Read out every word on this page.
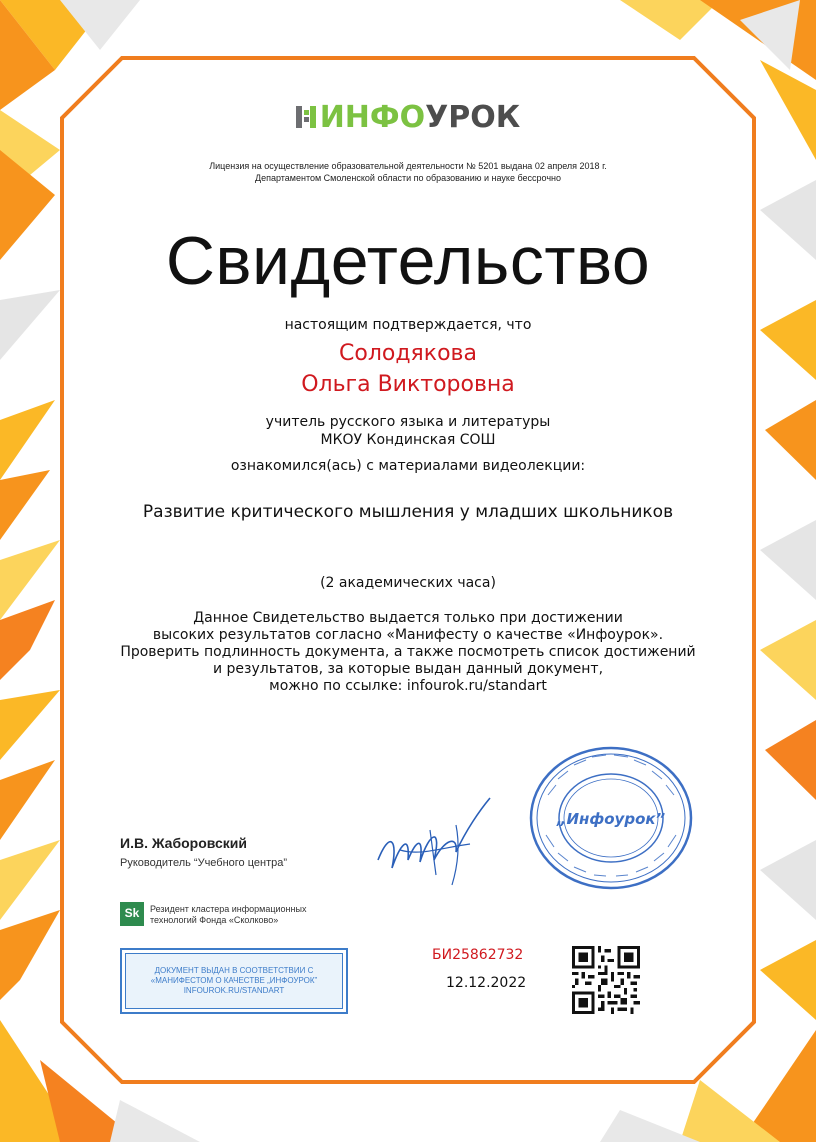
ИНФОУРОК
Лицензия на осуществление образовательной деятельности № 5201 выдана 02 апреля 2018 г.
Департаментом Смоленской области по образованию и науке бессрочно
Свидетельство
настоящим подтверждается, что
Солодякова
Ольга Викторовна
учитель русского языка и литературы
МКОУ Кондинская СОШ
ознакомился(ась) с материалами видеолекции:
Развитие критического мышления у младших школьников
(2 академических часа)
Данное Свидетельство выдается только при достижении
высоких результатов согласно «Манифесту о качестве «Инфоурок».
Проверить подлинность документа, а также посмотреть список достижений
и результатов, за которые выдан данный документ,
можно по ссылке: infourok.ru/standart
И.В. Жаборовский
Руководитель “Учебного центра”
„Инфоурок”
Sk	Резидент кластера информационных
технологий Фонда «Сколково»
ДОКУМЕНТ ВЫДАН В СООТВЕТСТВИИ С
«МАНИФЕСТОМ О КАЧЕСТВЕ „ИНФОУРОК”
INFOUROK.RU/STANDART
БИ25862732
12.12.2022
